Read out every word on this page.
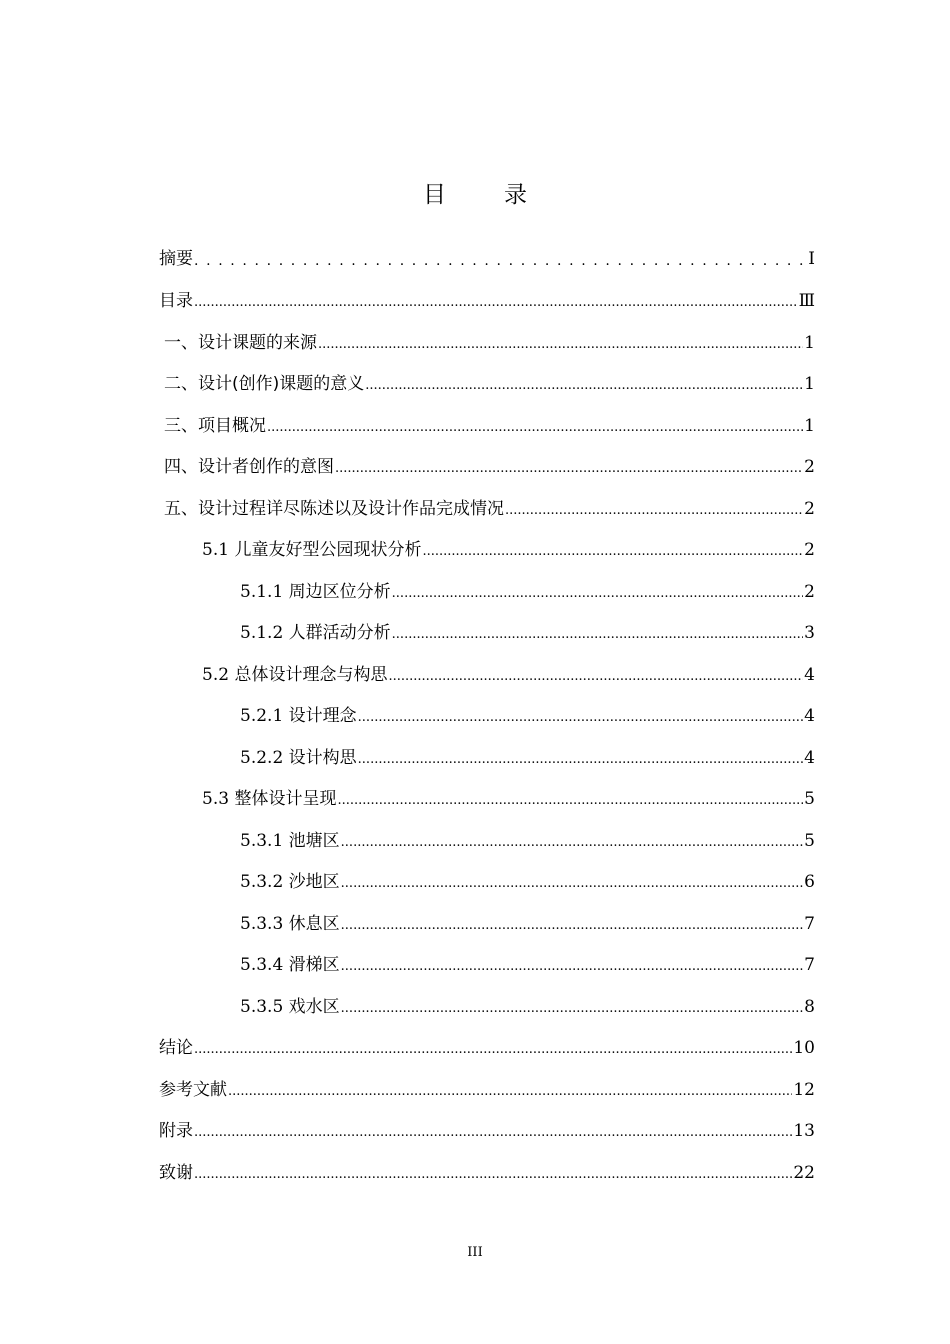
目	录
摘要 . . .	Ⅰ
目录 .....	Ⅲ
一、设计课题的来源 .....	1
二、设计(创作)课题的意义 .....	1
三、项目概况 .....	1
四、设计者创作的意图 .....	2
五、设计过程详尽陈述以及设计作品完成情况 .....	2
5.1 儿童友好型公园现状分析 .....	2
5.1.1 周边区位分析 .....	2
5.1.2 人群活动分析 .....	3
5.2 总体设计理念与构思 .....	4
5.2.1 设计理念 .....	4
5.2.2 设计构思 .....	4
5.3 整体设计呈现 .....	5
5.3.1 池塘区 .....	5
5.3.2 沙地区 .....	6
5.3.3 休息区 .....	7
5.3.4 滑梯区 .....	7
5.3.5 戏水区 .....	8
结论 .....	10
参考文献 .....	12
附录 .....	13
致谢 .....	22
III
